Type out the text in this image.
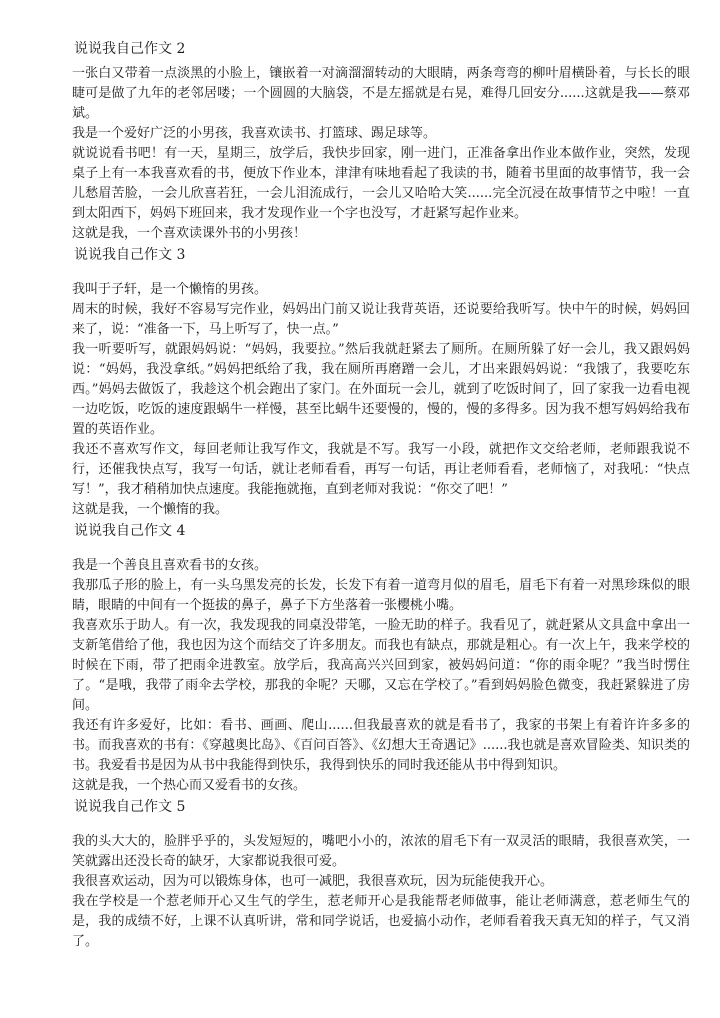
说说我自己作文 2

一张白又带着一点淡黑的小脸上，镶嵌着一对滴溜溜转动的大眼睛，两条弯弯的柳叶眉横卧着，与长长的眼睫可是做了九年的老邻居喽；一个圆圆的大脑袋，不是左摇就是右晃，难得几回安分......这就是我——蔡邓斌。

我是一个爱好广泛的小男孩，我喜欢读书、打篮球、踢足球等。

就说说看书吧！有一天，星期三，放学后，我快步回家，刚一进门，正准备拿出作业本做作业，突然，发现桌子上有一本我喜欢看的书，便放下作业本，津津有味地看起了我读的书，随着书里面的故事情节，我一会儿愁眉苦脸，一会儿欣喜若狂，一会儿泪流成行，一会儿又哈哈大笑......完全沉浸在故事情节之中啦！一直到太阳西下，妈妈下班回来，我才发现作业一个字也没写，才赶紧写起作业来。

这就是我，一个喜欢读课外书的小男孩！

说说我自己作文 3

我叫于子轩，是一个懒惰的男孩。

周末的时候，我好不容易写完作业，妈妈出门前又说让我背英语，还说要给我听写。快中午的时候，妈妈回来了，说：“准备一下，马上听写了，快一点。”

我一听要听写，就跟妈妈说：“妈妈，我要拉。”然后我就赶紧去了厕所。在厕所躲了好一会儿，我又跟妈妈说：“妈妈，我没拿纸。”妈妈把纸给了我，我在厕所再磨蹭一会儿，才出来跟妈妈说：“我饿了，我要吃东西。”妈妈去做饭了，我趁这个机会跑出了家门。在外面玩一会儿，就到了吃饭时间了，回了家我一边看电视一边吃饭，吃饭的速度跟蜗牛一样慢，甚至比蜗牛还要慢的，慢的，慢的多得多。因为我不想写妈妈给我布置的英语作业。

我还不喜欢写作文，每回老师让我写作文，我就是不写。我写一小段，就把作文交给老师，老师跟我说不行，还催我快点写，我写一句话，就让老师看看，再写一句话，再让老师看看，老师恼了，对我吼：“快点写！”，我才稍稍加快点速度。我能拖就拖，直到老师对我说：“你交了吧！”

这就是我，一个懒惰的我。

说说我自己作文 4

我是一个善良且喜欢看书的女孩。

我那瓜子形的脸上，有一头乌黑发亮的长发，长发下有着一道弯月似的眉毛，眉毛下有着一对黑珍珠似的眼睛，眼睛的中间有一个挺拔的鼻子，鼻子下方坐落着一张樱桃小嘴。

我喜欢乐于助人。有一次，我发现我的同桌没带笔，一脸无助的样子。我看见了，就赶紧从文具盒中拿出一支新笔借给了他，我也因为这个而结交了许多朋友。而我也有缺点，那就是粗心。有一次上午，我来学校的时候在下雨，带了把雨伞进教室。放学后，我高高兴兴回到家，被妈妈问道：“你的雨伞呢？”我当时愣住了。“是哦，我带了雨伞去学校，那我的伞呢？天哪，又忘在学校了。”看到妈妈脸色微变，我赶紧躲进了房间。

我还有许多爱好，比如：看书、画画、爬山......但我最喜欢的就是看书了，我家的书架上有着许许多多的书。而我喜欢的书有：《穿越奥比岛》、《百问百答》、《幻想大王奇遇记》......我也就是喜欢冒险类、知识类的书。我爱看书是因为从书中我能得到快乐，我得到快乐的同时我还能从书中得到知识。

这就是我，一个热心而又爱看书的女孩。

说说我自己作文 5

我的头大大的，脸胖乎乎的，头发短短的，嘴吧小小的，浓浓的眉毛下有一双灵活的眼睛，我很喜欢笑，一笑就露出还没长奇的缺牙，大家都说我很可爱。

我很喜欢运动，因为可以锻炼身体，也可一减肥，我很喜欢玩，因为玩能使我开心。

我在学校是一个惹老师开心又生气的学生，惹老师开心是我能帮老师做事，能让老师满意，惹老师生气的是，我的成绩不好，上课不认真听讲，常和同学说话，也爱搞小动作，老师看着我天真无知的样子，气又消了。
